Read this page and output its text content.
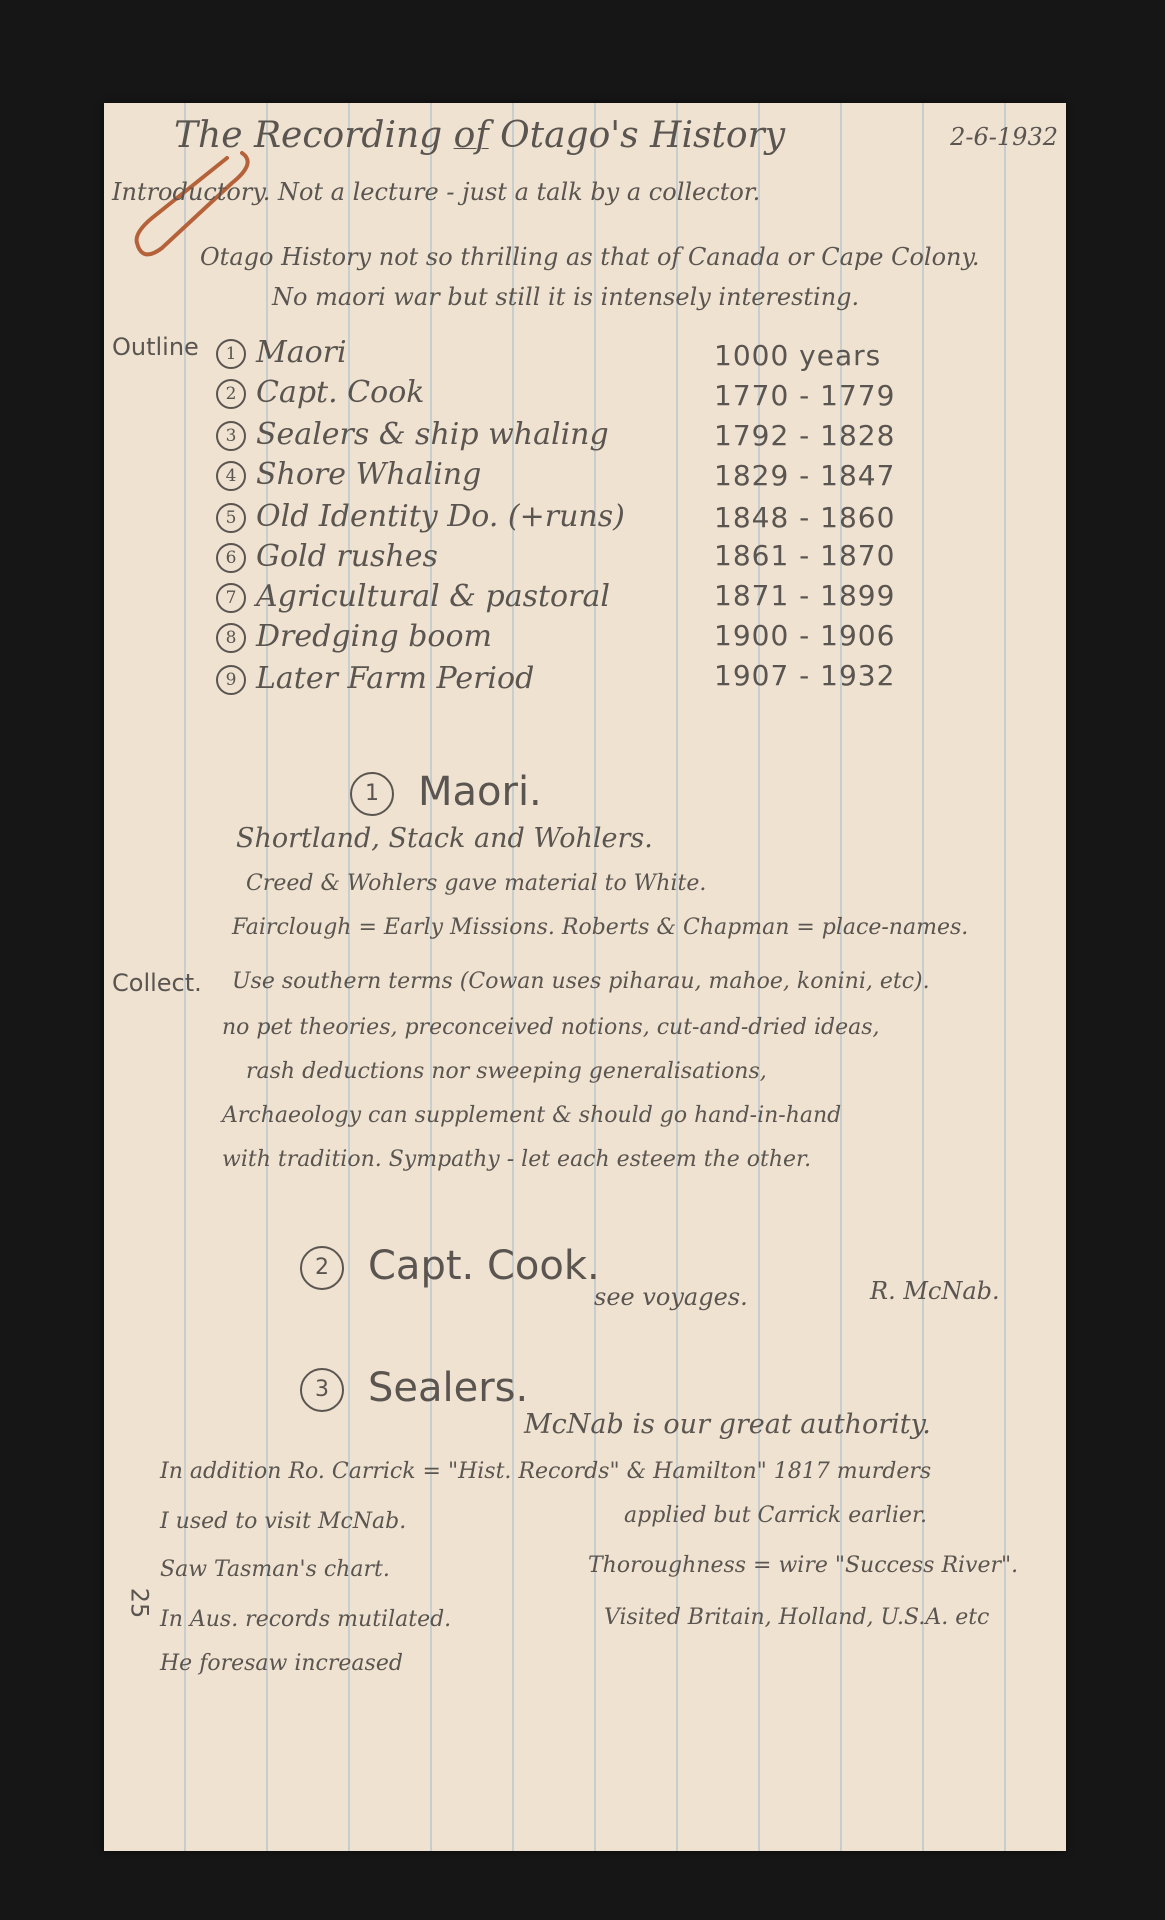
The Recording of Otago's History	2-6-1932
Introductory. Not a lecture - just a talk by a collector.
Otago History not so thrilling as that of Canada or Cape Colony.
No maori war but still it is intensely interesting.
Outline	1 Maori	1000 years
2 Capt. Cook	1770 - 1779
3 Sealers & ship whaling	1792 - 1828
4 Shore Whaling	1829 - 1847
5 Old Identity Do. (+runs)	1848 - 1860
6 Gold rushes	1861 - 1870
7 Agricultural & pastoral	1871 - 1899
8 Dredging boom	1900 - 1906
9 Later Farm Period	1907 - 1932
1 Maori.
Shortland, Stack and Wohlers.
Creed & Wohlers gave material to White.
Fairclough = Early Missions. Roberts & Chapman = place-names.
Collect. Use southern terms (Cowan uses piharau, mahoe, konini, etc).
no pet theories, preconceived notions, cut-and-dried ideas,
rash deductions nor sweeping generalisations,
Archaeology can supplement & should go hand-in-hand
with tradition. Sympathy - let each esteem the other.
2 Capt. Cook.
see voyages.	R. McNab.
3 Sealers.
McNab is our great authority.
In addition Ro. Carrick = "Hist. Records" & Hamilton" 1817 murders
I used to visit McNab.	applied but Carrick earlier.
Saw Tasman's chart.	Thoroughness = wire "Success River".
In Aus. records mutilated.	Visited Britain, Holland, U.S.A. etc
He foresaw increased
25
